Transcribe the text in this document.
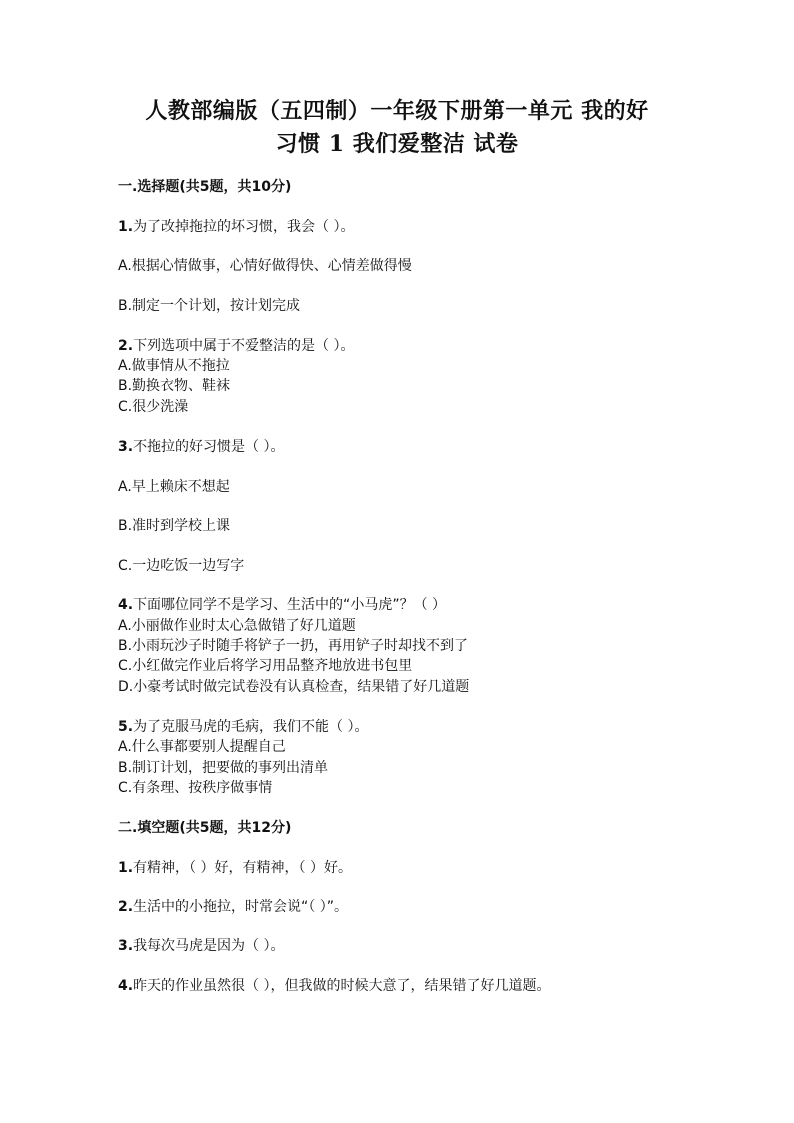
人教部编版（五四制）一年级下册第一单元 我的好
习惯 1 我们爱整洁 试卷
一.选择题(共5题，共10分)
1.为了改掉拖拉的坏习惯，我会（ ）。
A.根据心情做事，心情好做得快、心情差做得慢
B.制定一个计划，按计划完成
2.下列选项中属于不爱整洁的是（ ）。
A.做事情从不拖拉
B.勤换衣物、鞋袜
C.很少洗澡
3.不拖拉的好习惯是（ ）。
A.早上赖床不想起
B.准时到学校上课
C.一边吃饭一边写字
4.下面哪位同学不是学习、生活中的“小马虎”？（ ）
A.小丽做作业时太心急做错了好几道题
B.小雨玩沙子时随手将铲子一扔，再用铲子时却找不到了
C.小红做完作业后将学习用品整齐地放进书包里
D.小豪考试时做完试卷没有认真检查，结果错了好几道题
5.为了克服马虎的毛病，我们不能（ ）。
A.什么事都要别人提醒自己
B.制订计划，把要做的事列出清单
C.有条理、按秩序做事情
二.填空题(共5题，共12分)
1.有精神，（ ）好，有精神，（ ）好。
2.生活中的小拖拉，时常会说“（ ）”。
3.我每次马虎是因为（ ）。
4.昨天的作业虽然很（ ），但我做的时候大意了，结果错了好几道题。
